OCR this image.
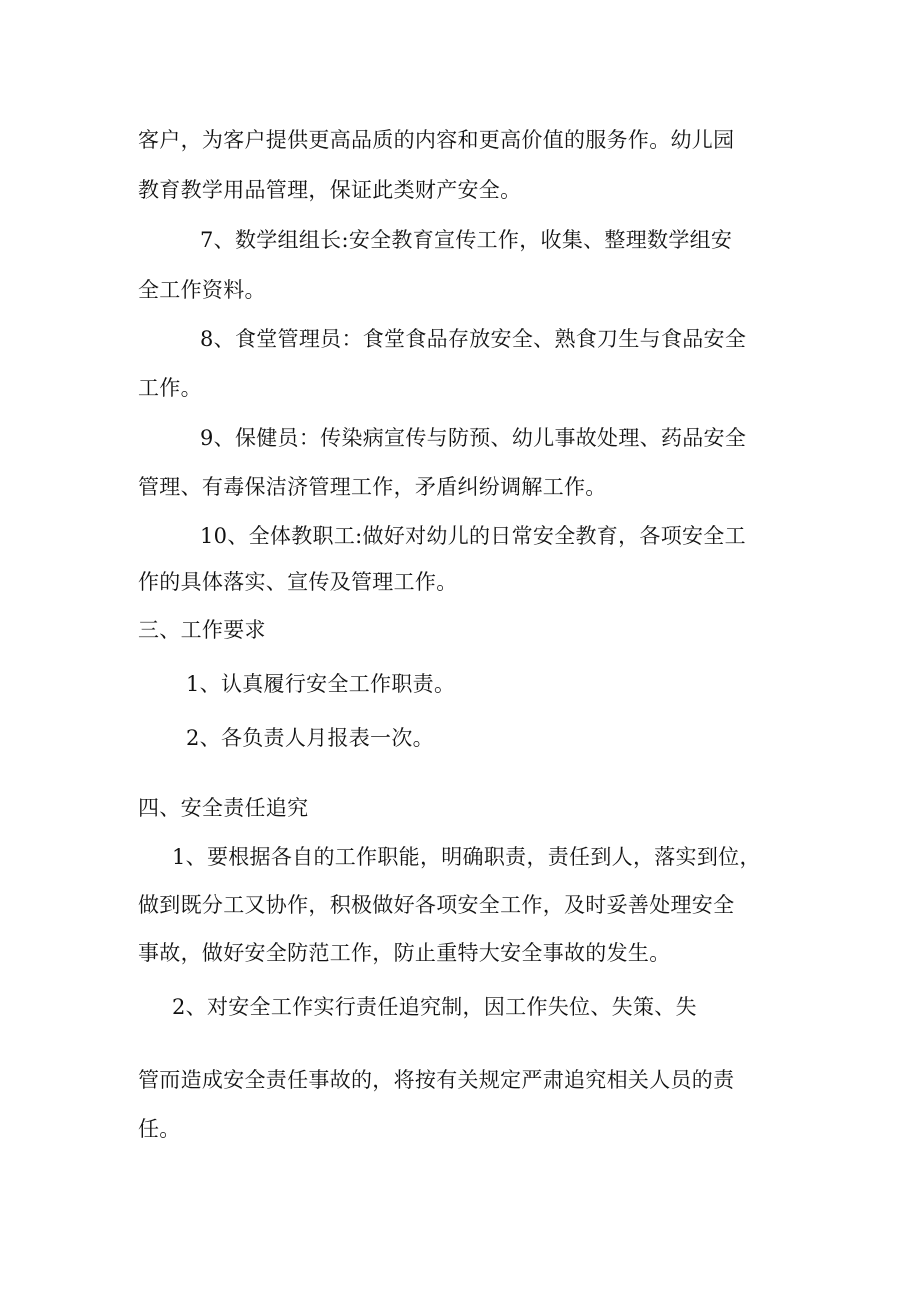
客户，为客户提供更高品质的内容和更高价值的服务作。幼儿园

教育教学用品管理，保证此类财产安全。

7、数学组组长:安全教育宣传工作，收集、整理数学组安

全工作资料。

8、食堂管理员：食堂食品存放安全、熟食刀生与食品安全

工作。

9、保健员：传染病宣传与防预、幼儿事故处理、药品安全

管理、有毒保洁济管理工作，矛盾纠纷调解工作。

10、全体教职工:做好对幼儿的日常安全教育，各项安全工

作的具体落实、宣传及管理工作。

三、工作要求

1、认真履行安全工作职责。

2、各负责人月报表一次。

四、安全责任追究

1、要根据各自的工作职能，明确职责，责任到人，落实到位，

做到既分工又协作，积极做好各项安全工作，及时妥善处理安全

事故，做好安全防范工作，防止重特大安全事故的发生。

2、对安全工作实行责任追究制，因工作失位、失策、失

管而造成安全责任事故的，将按有关规定严肃追究相关人员的责

任。
